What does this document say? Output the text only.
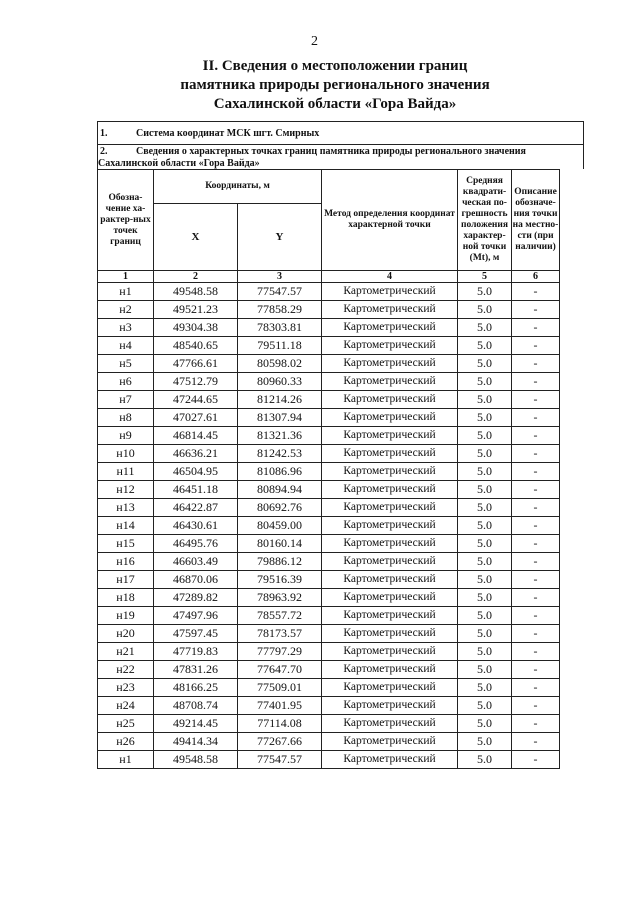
2
II. Сведения о местоположении границ
памятника природы регионального значения
Сахалинской области «Гора Вайда»
1.	Система координат МСК шгт. Смирных
2.	Сведения о характерных точках границ памятника природы регионального значения Сахалинской области «Гора Вайда»
Обозна-чение ха-рактер-ных точек границ	Координаты, м		Метод определения координат характерной точки	Средняя квадрати-ческая по-грешность положения характер-ной точки (Mt), м	Описание обозначе-ния точки на местно-сти (при наличии)
	X	Y			
1	2	3	4	5	6
н1	49548.58	77547.57	Картометрический	5.0	-
н2	49521.23	77858.29	Картометрический	5.0	-
н3	49304.38	78303.81	Картометрический	5.0	-
н4	48540.65	79511.18	Картометрический	5.0	-
н5	47766.61	80598.02	Картометрический	5.0	-
н6	47512.79	80960.33	Картометрический	5.0	-
н7	47244.65	81214.26	Картометрический	5.0	-
н8	47027.61	81307.94	Картометрический	5.0	-
н9	46814.45	81321.36	Картометрический	5.0	-
н10	46636.21	81242.53	Картометрический	5.0	-
н11	46504.95	81086.96	Картометрический	5.0	-
н12	46451.18	80894.94	Картометрический	5.0	-
н13	46422.87	80692.76	Картометрический	5.0	-
н14	46430.61	80459.00	Картометрический	5.0	-
н15	46495.76	80160.14	Картометрический	5.0	-
н16	46603.49	79886.12	Картометрический	5.0	-
н17	46870.06	79516.39	Картометрический	5.0	-
н18	47289.82	78963.92	Картометрический	5.0	-
н19	47497.96	78557.72	Картометрический	5.0	-
н20	47597.45	78173.57	Картометрический	5.0	-
н21	47719.83	77797.29	Картометрический	5.0	-
н22	47831.26	77647.70	Картометрический	5.0	-
н23	48166.25	77509.01	Картометрический	5.0	-
н24	48708.74	77401.95	Картометрический	5.0	-
н25	49214.45	77114.08	Картометрический	5.0	-
н26	49414.34	77267.66	Картометрический	5.0	-
н1	49548.58	77547.57	Картометрический	5.0	-
